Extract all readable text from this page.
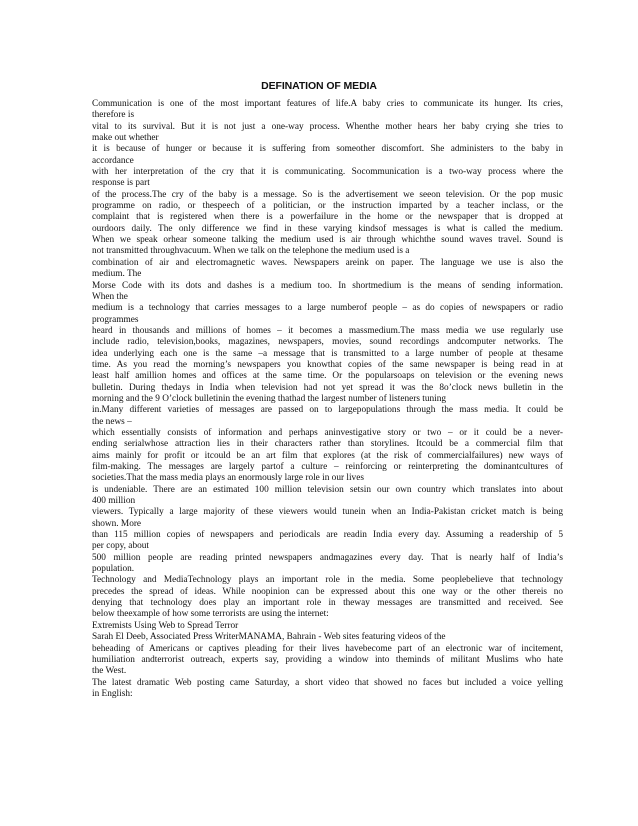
DEFINATION OF MEDIA
Communication is one of the most important features of life.A baby cries to communicate its hunger. Its cries,
therefore is
vital to its survival. But it is not just a one-way process. Whenthe mother hears her baby crying she tries to
make out whether
it is because of hunger or because it is suffering from someother discomfort. She administers to the baby in
accordance
with her interpretation of the cry that it is communicating. Socommunication is a two-way process where the
response is part
of the process.The cry of the baby is a message. So is the advertisement we seeon television. Or the pop music
programme on radio, or thespeech of a politician, or the instruction imparted by a teacher inclass, or the
complaint that is registered when there is a powerfailure in the home or the newspaper that is dropped at
ourdoors daily. The only difference we find in these varying kindsof messages is what is called the medium.
When we speak orhear someone talking the medium used is air through whichthe sound waves travel. Sound is
not transmitted throughvacuum. When we talk on the telephone the medium used is a
combination of air and electromagnetic waves. Newspapers areink on paper. The language we use is also the
medium. The
Morse Code with its dots and dashes is a medium too. In shortmedium is the means of sending information.
When the
medium is a technology that carries messages to a large numberof people – as do copies of newspapers or radio
programmes
heard in thousands and millions of homes – it becomes a massmedium.The mass media we use regularly use
include radio, television,books, magazines, newspapers, movies, sound recordings andcomputer networks. The
idea underlying each one is the same –a message that is transmitted to a large number of people at thesame
time. As you read the morning’s newspapers you knowthat copies of the same newspaper is being read in at
least half amillion homes and offices at the same time. Or the popularsoaps on television or the evening news
bulletin. During thedays in India when television had not yet spread it was the 8o’clock news bulletin in the
morning and the 9 O’clock bulletinin the evening thathad the largest number of listeners tuning
in.Many different varieties of messages are passed on to largepopulations through the mass media. It could be
the news –
which essentially consists of information and perhaps aninvestigative story or two – or it could be a never-
ending serialwhose attraction lies in their characters rather than storylines. Itcould be a commercial film that
aims mainly for profit or itcould be an art film that explores (at the risk of commercialfailures) new ways of
film-making. The messages are largely partof a culture – reinforcing or reinterpreting the dominantcultures of
societies.That the mass media plays an enormously large role in our lives
is undeniable. There are an estimated 100 million television setsin our own country which translates into about
400 million
viewers. Typically a large majority of these viewers would tunein when an India-Pakistan cricket match is being
shown. More
than 115 million copies of newspapers and periodicals are readin India every day. Assuming a readership of 5
per copy, about
500 million people are reading printed newspapers andmagazines every day. That is nearly half of India’s
population.
Technology and MediaTechnology plays an important role in the media. Some peoplebelieve that technology
precedes the spread of ideas. While noopinion can be expressed about this one way or the other thereis no
denying that technology does play an important role in theway messages are transmitted and received. See
below theexample of how some terrorists are using the internet:
Extremists Using Web to Spread Terror
Sarah El Deeb, Associated Press WriterMANAMA, Bahrain - Web sites featuring videos of the
beheading of Americans or captives pleading for their lives havebecome part of an electronic war of incitement,
humiliation andterrorist outreach, experts say, providing a window into theminds of militant Muslims who hate
the West.
The latest dramatic Web posting came Saturday, a short video that showed no faces but included a voice yelling
in English:
